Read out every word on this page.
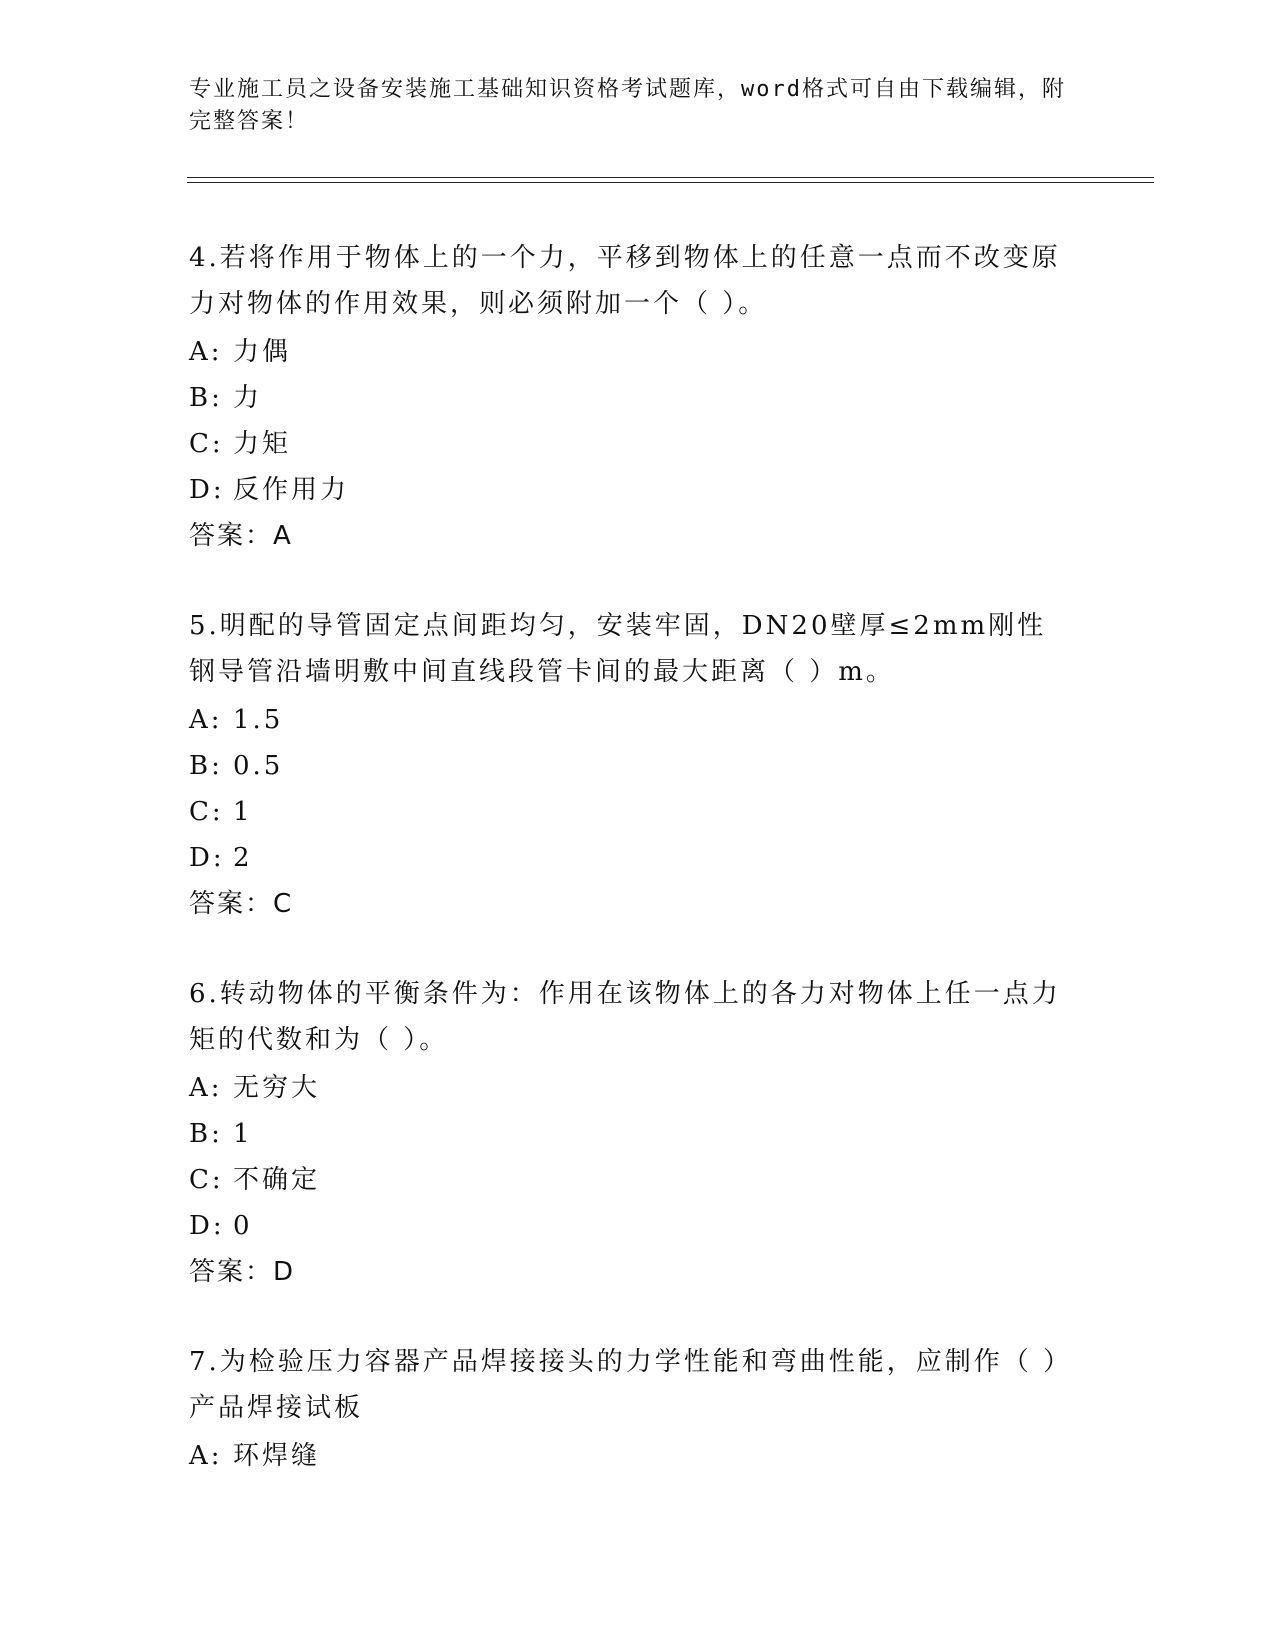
专业施工员之设备安装施工基础知识资格考试题库，word格式可自由下载编辑，附完整答案！

4.若将作用于物体上的一个力，平移到物体上的任意一点而不改变原力对物体的作用效果，则必须附加一个（ ）。

A: 力偶

B: 力

C: 力矩

D: 反作用力

答案：A

5.明配的导管固定点间距均匀，安装牢固，DN20壁厚≤2mm刚性钢导管沿墙明敷中间直线段管卡间的最大距离（ ）m。

A: 1.5

B: 0.5

C: 1

D: 2

答案：C

6.转动物体的平衡条件为：作用在该物体上的各力对物体上任一点力矩的代数和为（ ）。

A: 无穷大

B: 1

C: 不确定

D: 0

答案：D

7.为检验压力容器产品焊接接头的力学性能和弯曲性能，应制作（ ）产品焊接试板

A: 环焊缝
